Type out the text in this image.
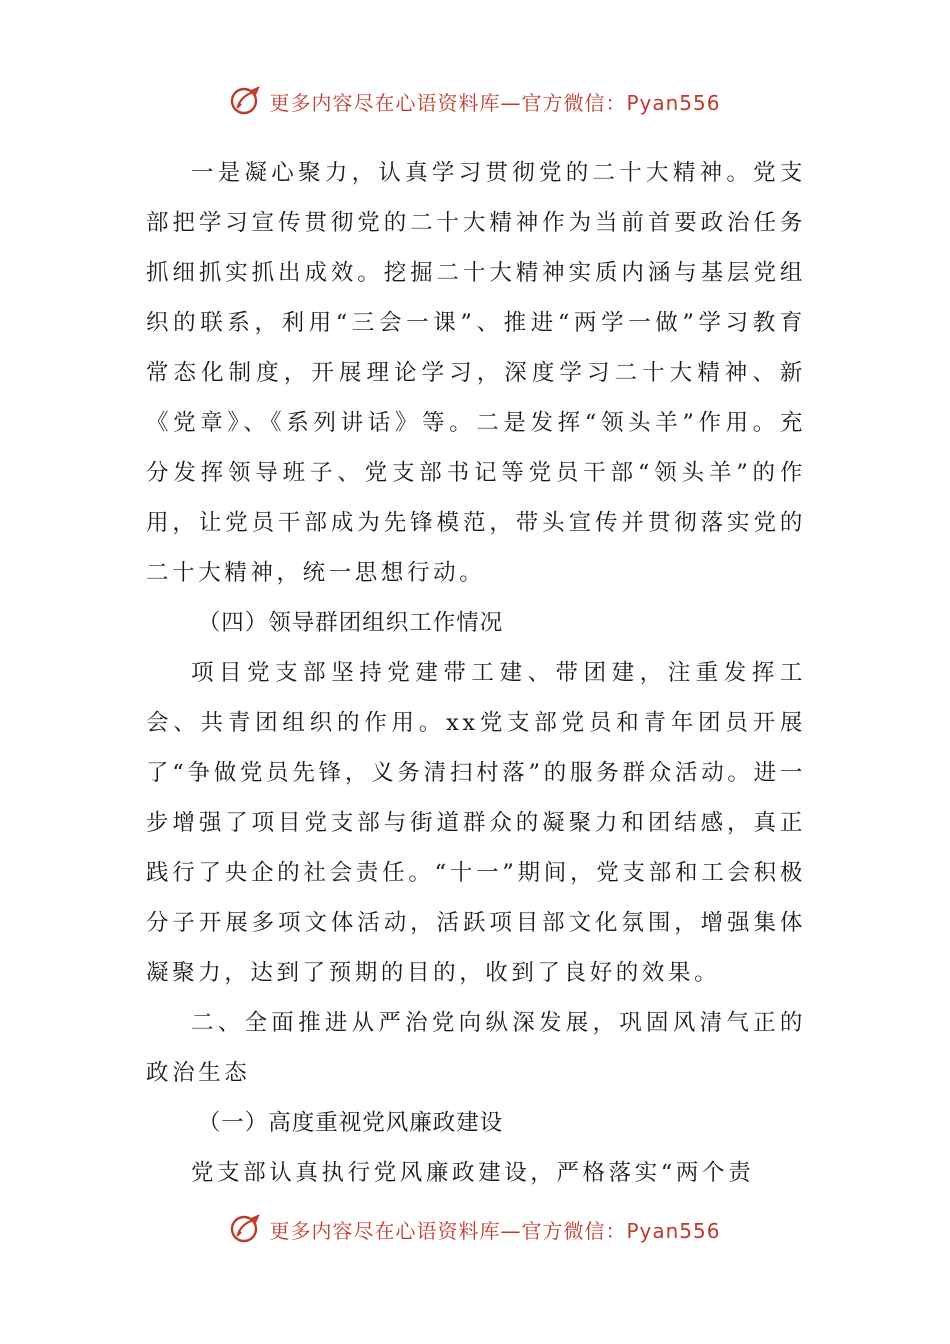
更多内容尽在心语资料库—官方微信：Pyan556

一是凝心聚力，认真学习贯彻党的二十大精神。党支部把学习宣传贯彻党的二十大精神作为当前首要政治任务抓细抓实抓出成效。挖掘二十大精神实质内涵与基层党组织的联系，利用“三会一课”、推进“两学一做”学习教育常态化制度，开展理论学习，深度学习二十大精神、新《党章》、《系列讲话》等。二是发挥“领头羊”作用。充分发挥领导班子、党支部书记等党员干部“领头羊”的作用，让党员干部成为先锋模范，带头宣传并贯彻落实党的二十大精神，统一思想行动。

（四）领导群团组织工作情况

项目党支部坚持党建带工建、带团建，注重发挥工会、共青团组织的作用。xx党支部党员和青年团员开展了“争做党员先锋，义务清扫村落”的服务群众活动。进一步增强了项目党支部与街道群众的凝聚力和团结感，真正践行了央企的社会责任。“十一”期间，党支部和工会积极分子开展多项文体活动，活跃项目部文化氛围，增强集体凝聚力，达到了预期的目的，收到了良好的效果。

二、全面推进从严治党向纵深发展，巩固风清气正的政治生态

（一）高度重视党风廉政建设

党支部认真执行党风廉政建设，严格落实“两个责

更多内容尽在心语资料库—官方微信：Pyan556
